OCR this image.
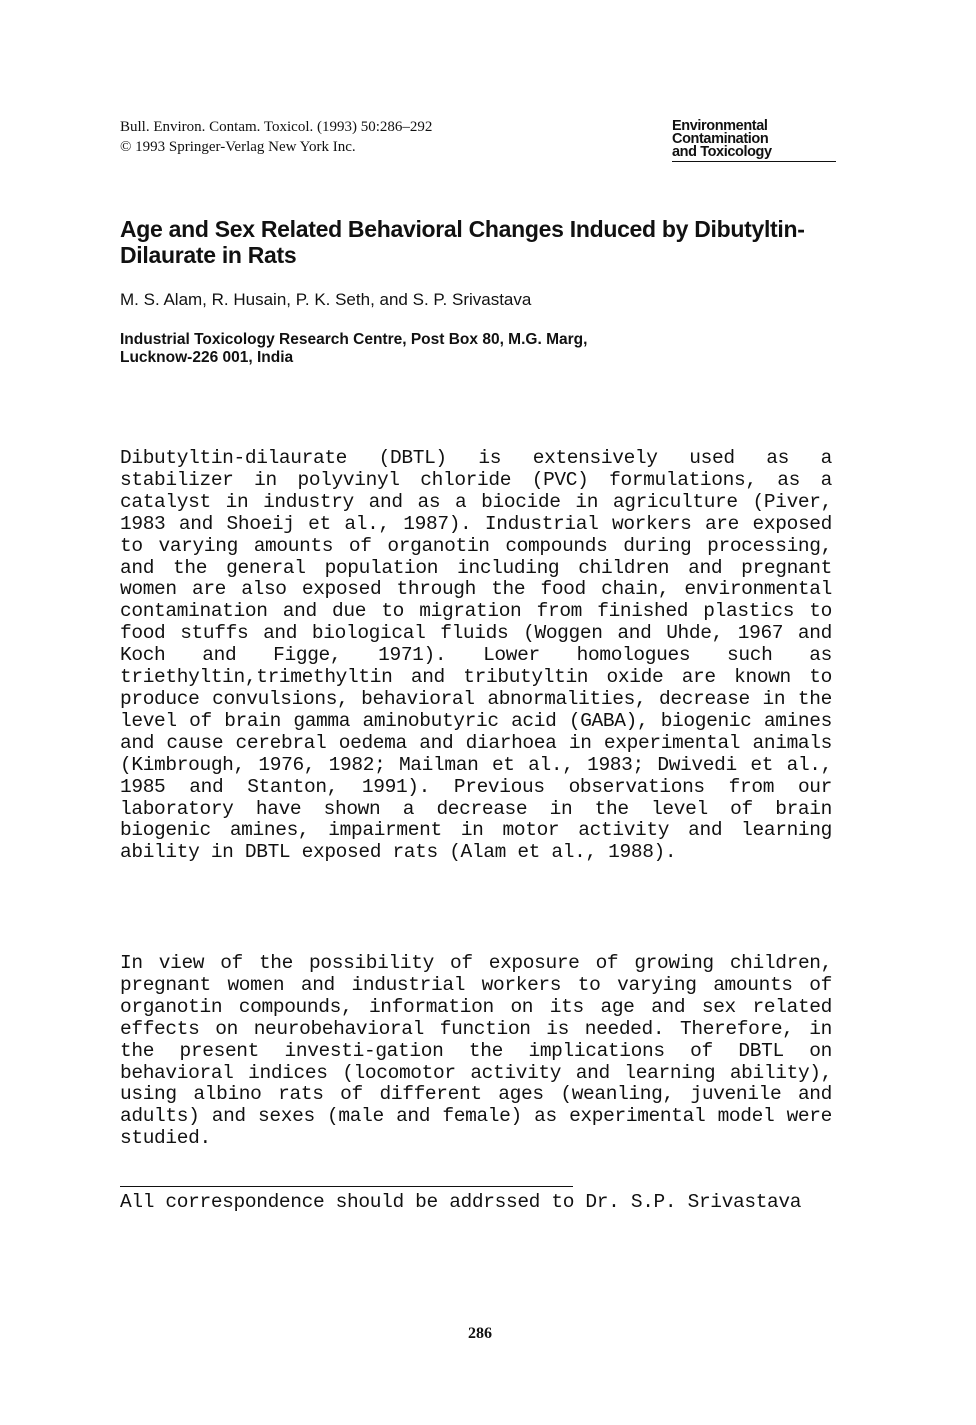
Bull. Environ. Contam. Toxicol. (1993) 50:286–292
© 1993 Springer-Verlag New York Inc.
Environmental
Contamination
and Toxicology
Age and Sex Related Behavioral Changes Induced by Dibutyltin-Dilaurate in Rats
M. S. Alam, R. Husain, P. K. Seth, and S. P. Srivastava
Industrial Toxicology Research Centre, Post Box 80, M.G. Marg,
Lucknow-226 001, India
Dibutyltin-dilaurate (DBTL) is extensively used as a stabilizer in polyvinyl chloride (PVC) formulations, as a catalyst in industry and as a biocide in agriculture (Piver, 1983 and Shoeij et al., 1987). Industrial workers are exposed to varying amounts of organotin compounds during processing, and the general population including children and pregnant women are also exposed through the food chain, environmental contamination and due to migration from finished plastics to food stuffs and biological fluids (Woggen and Uhde, 1967 and Koch and Figge, 1971). Lower homologues such as triethyltin,trimethyltin and tributyltin oxide are known to produce convulsions, behavioral abnormalities, decrease in the level of brain gamma aminobutyric acid (GABA), biogenic amines and cause cerebral oedema and diarhoea in experimental animals (Kimbrough, 1976, 1982; Mailman et al., 1983; Dwivedi et al., 1985 and Stanton, 1991). Previous observations from our laboratory have shown a decrease in the level of brain biogenic amines, impairment in motor activity and learning ability in DBTL exposed rats (Alam et al., 1988).
In view of the possibility of exposure of growing children, pregnant women and industrial workers to varying amounts of organotin compounds, information on its age and sex related effects on neurobehavioral function is needed. Therefore, in the present investi-gation the implications of DBTL on behavioral indices (locomotor activity and learning ability), using albino rats of different ages (weanling, juvenile and adults) and sexes (male and female) as experimental model were studied.
All correspondence should be addrssed to Dr. S.P. Srivastava
286
